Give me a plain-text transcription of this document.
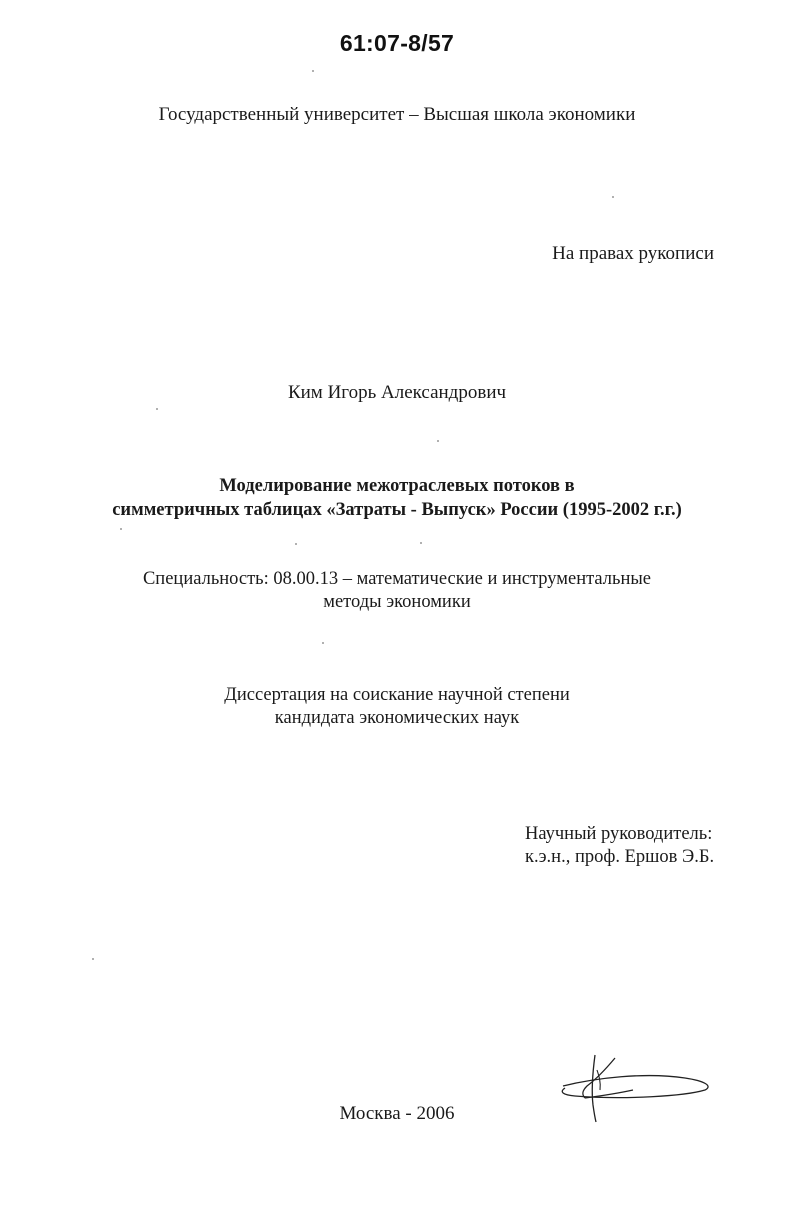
61:07-8/57
Государственный университет – Высшая школа экономики
На правах рукописи
Ким Игорь Александрович
Моделирование межотраслевых потоков в
симметричных таблицах «Затраты - Выпуск» России (1995-2002 г.г.)
Специальность: 08.00.13 – математические и инструментальные
методы экономики
Диссертация на соискание научной степени
кандидата экономических наук
Научный руководитель:
к.э.н., проф. Ершов Э.Б.
Москва - 2006
